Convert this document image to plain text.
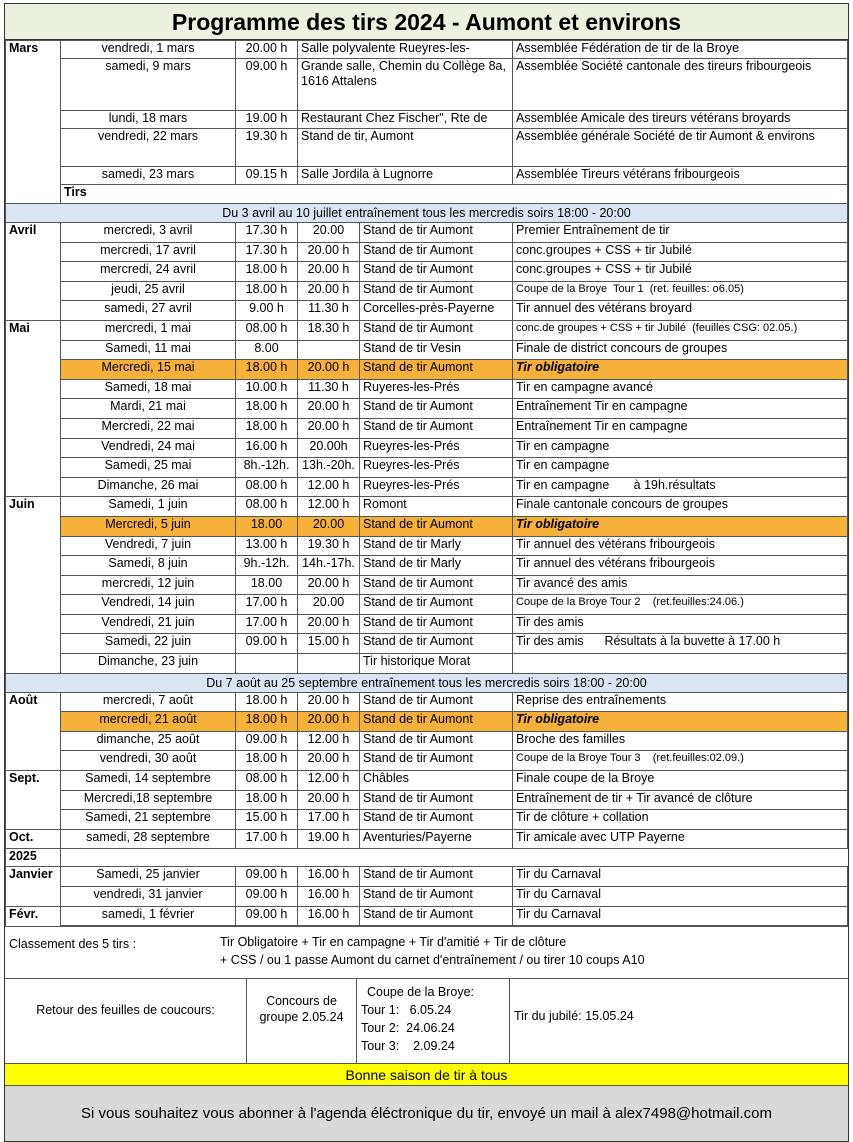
Programme des tirs 2024 - Aumont et environs
Mars	vendredi, 1 mars	20.00 h	Salle polyvalente Rueyres-les-		Assemblée Fédération de tir de la Broye
	samedi, 9 mars	09.00 h	Grande salle, Chemin du Collège 8a, 1616 Attalens		Assemblée Société cantonale des tireurs fribourgeois
	lundi, 18 mars	19.00 h	Restaurant Chez Fischer", Rte de		Assemblée Amicale des tireurs vétérans broyards
	vendredi, 22 mars	19.30 h	Stand de tir, Aumont		Assemblée générale Société de tir Aumont & environs
	samedi, 23 mars	09.15 h	Salle Jordila à Lugnorre		Assemblée Tireurs vétérans fribourgeois
	Tirs				
Du 3 avril au 10 juillet entraînement tous les mercredis soirs 18:00 - 20:00					
Avril	mercredi, 3 avril	17.30 h	20.00	Stand de tir Aumont	Premier Entraînement de tir
	mercredi, 17 avril	17.30 h	20.00 h	Stand de tir Aumont	conc.groupes + CSS + tir Jubilé
	mercredi, 24 avril	18.00 h	20.00 h	Stand de tir Aumont	conc.groupes + CSS + tir Jubilé
	jeudi, 25 avril	18.00 h	20.00 h	Stand de tir Aumont	Coupe de la Broye  Tour 1  (ret. feuilles: o6.05)
	samedi, 27 avril	9.00 h	11.30 h	Corcelles-près-Payerne	Tir annuel des vétérans broyard
Mai	mercredi, 1 mai	08.00 h	18.30 h	Stand de tir Aumont	conc.de groupes + CSS + tir Jubilé  (feuilles CSG: 02.05.)
	Samedi, 11 mai	8.00		Stand de tir Vesin	Finale de district concours de groupes
	Mercredi, 15 mai	18.00 h	20.00 h	Stand de tir Aumont	Tir obligatoire
	Samedi, 18 mai	10.00 h	11.30 h	Ruyeres-les-Prés	Tir en campagne avancé
	Mardi, 21 mai	18.00 h	20.00 h	Stand de tir Aumont	Entraînement Tir en campagne
	Mercredi, 22 mai	18.00 h	20.00 h	Stand de tir Aumont	Entraînement Tir en campagne
	Vendredi, 24 mai	16.00 h	20.00h	Rueyres-les-Prés	Tir en campagne
	Samedi, 25 mai	8h.-12h.	13h.-20h.	Rueyres-les-Prés	Tir en campagne
	Dimanche, 26 mai	08.00 h	12.00 h	Rueyres-les-Prés	Tir en campagne       à 19h.résultats
Juin	Samedi, 1 juin	08.00 h	12.00 h	Romont	Finale cantonale concours de groupes
	Mercredi, 5 juin	18.00	20.00	Stand de tir Aumont	Tir obligatoire
	Vendredi, 7 juin	13.00 h	19.30 h	Stand de tir Marly	Tir annuel des vétérans fribourgeois
	Samedi, 8 juin	9h.-12h.	14h.-17h.	Stand de tir Marly	Tir annuel des vétérans fribourgeois
	mercredi, 12 juin	18.00	20.00 h	Stand de tir Aumont	Tir avancé des amis
	Vendredi, 14 juin	17.00 h	20.00	Stand de tir Aumont	Coupe de la Broye Tour 2    (ret.feuilles:24.06.)
	Vendredi, 21 juin	17.00 h	20.00 h	Stand de tir Aumont	Tir des amis
	Samedi, 22 juin	09.00 h	15.00 h	Stand de tir Aumont	Tir des amis      Résultats à la buvette à 17.00 h
	Dimanche, 23 juin			Tir historique Morat	
Du 7 août au 25 septembre entraînement tous les mercredis soirs 18:00 - 20:00					
Août	mercredi, 7 août	18.00 h	20.00 h	Stand de tir Aumont	Reprise des entraînements
	mercredi, 21 août	18.00 h	20.00 h	Stand de tir Aumont	Tir obligatoire
	dimanche, 25 août	09.00 h	12.00 h	Stand de tir Aumont	Broche des familles
	vendredi, 30 août	18.00 h	20.00 h	Stand de tir Aumont	Coupe de la Broye Tour 3    (ret.feuilles:02.09.)
Sept.	Samedi, 14 septembre	08.00 h	12.00 h	Châbles	Finale coupe de la Broye
	Mercredi,18 septembre	18.00 h	20.00 h	Stand de tir Aumont	Entraînement de tir + Tir avancé de clôture
	Samedi, 21 septembre	15.00 h	17.00 h	Stand de tir Aumont	Tir de clôture + collation
Oct.	samedi, 28 septembre	17.00 h	19.00 h	Aventuries/Payerne	Tir amicale avec UTP Payerne
2025					
Janvier	Samedi, 25 janvier	09.00 h	16.00 h	Stand de tir Aumont	Tir du Carnaval
	vendredi, 31 janvier	09.00 h	16.00 h	Stand de tir Aumont	Tir du Carnaval
Févr.	samedi, 1 février	09.00 h	16.00 h	Stand de tir Aumont	Tir du Carnaval
Classement des 5 tirs :	Tir Obligatoire + Tir en campagne + Tir d'amitié + Tir de clôture
+ CSS / ou 1 passe Aumont du carnet d'entraînement / ou tirer 10 coups A10
Retour des feuilles de coucours:
Concours de groupe 2.05.24
Coupe de la Broye:
Tour 1:   6.05.24
Tour 2:  24.06.24
Tour 3:    2.09.24
Tir du jubilé: 15.05.24
Bonne saison de tir à tous
Si vous souhaitez vous abonner à l'agenda éléctronique du tir, envoyé un mail à alex7498@hotmail.com
